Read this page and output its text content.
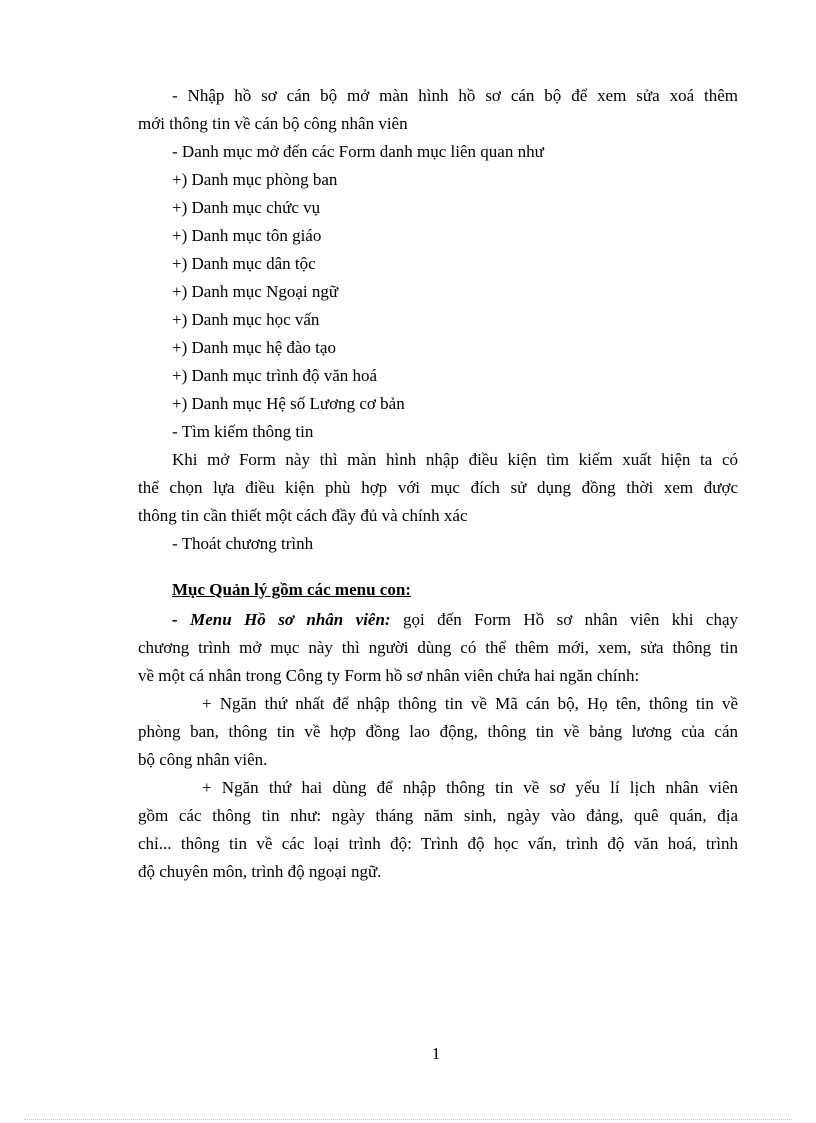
- Nhập hồ sơ cán bộ mở màn hình hồ sơ cán bộ để xem sửa xoá thêm
mới thông tin về cán bộ công nhân viên
- Danh mục mở đến các Form danh mục liên quan như
+) Danh mục phòng ban
+) Danh mục chức vụ
+) Danh mục tôn giáo
+) Danh mục dân tộc
+) Danh mục Ngoại ngữ
+) Danh mục học vấn
+) Danh mục hệ đào tạo
+) Danh mục trình độ văn hoá
+) Danh mục Hệ số Lương cơ bản
- Tìm kiếm thông tin
Khi mở Form này thì màn hình nhập điều kiện tìm kiếm xuất hiện ta có
thể chọn lựa điều kiện phù hợp với mục đích sử dụng đồng thời xem được
thông tin cần thiết một cách đầy đủ và chính xác
- Thoát chương trình
Mục Quản lý gồm các menu con:
- Menu Hồ sơ nhân viên: gọi đến Form Hồ sơ nhân viên khi chạy
chương trình mở mục này thì người dùng có thể thêm mới, xem, sửa thông tin
về một cá nhân trong Công ty Form hồ sơ nhân viên chứa hai ngăn chính:
+ Ngăn thứ nhất để nhập thông tin về Mã cán bộ, Họ tên, thông tin về
phòng ban, thông tin về hợp đồng lao động, thông tin về bảng lương của cán
bộ công nhân viên.
+ Ngăn thứ hai dùng để nhập thông tin về sơ yếu lí lịch nhân viên
gồm các thông tin như: ngày tháng năm sinh, ngày vào đảng, quê quán, địa
chỉ... thông tin về các loại trình độ: Trình độ học vấn, trình độ văn hoá, trình
độ chuyên môn, trình độ ngoại ngữ.
1
